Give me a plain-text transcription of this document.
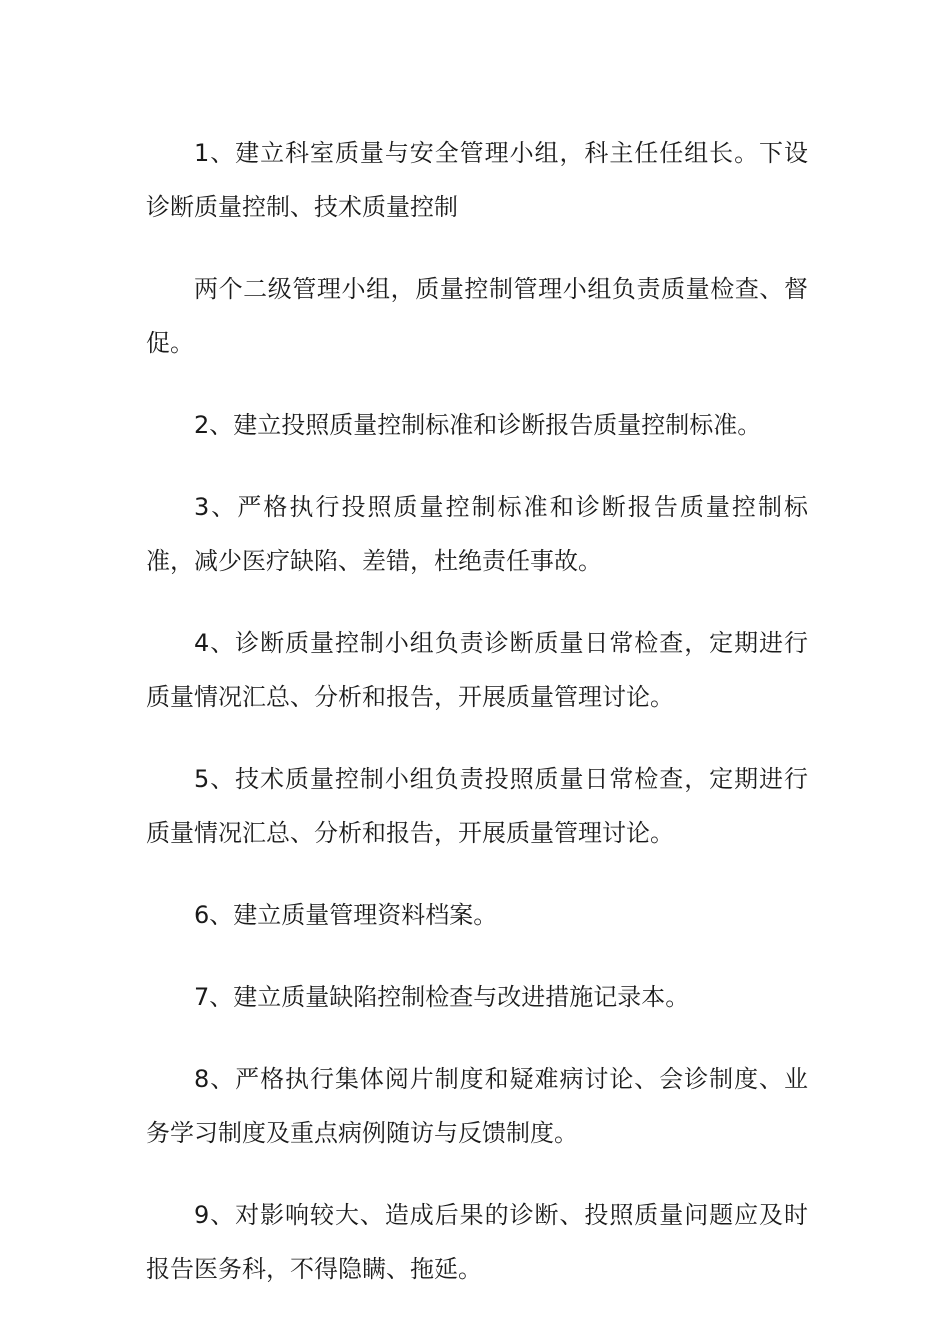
1、建立科室质量与安全管理小组，科主任任组长。下设诊断质量控制、技术质量控制

两个二级管理小组，质量控制管理小组负责质量检查、督促。

2、建立投照质量控制标准和诊断报告质量控制标准。

3、严格执行投照质量控制标准和诊断报告质量控制标准，减少医疗缺陷、差错，杜绝责任事故。

4、诊断质量控制小组负责诊断质量日常检查，定期进行质量情况汇总、分析和报告，开展质量管理讨论。

5、技术质量控制小组负责投照质量日常检查，定期进行质量情况汇总、分析和报告，开展质量管理讨论。

6、建立质量管理资料档案。

7、建立质量缺陷控制检查与改进措施记录本。

8、严格执行集体阅片制度和疑难病讨论、会诊制度、业务学习制度及重点病例随访与反馈制度。

9、对影响较大、造成后果的诊断、投照质量问题应及时报告医务科，不得隐瞒、拖延。
